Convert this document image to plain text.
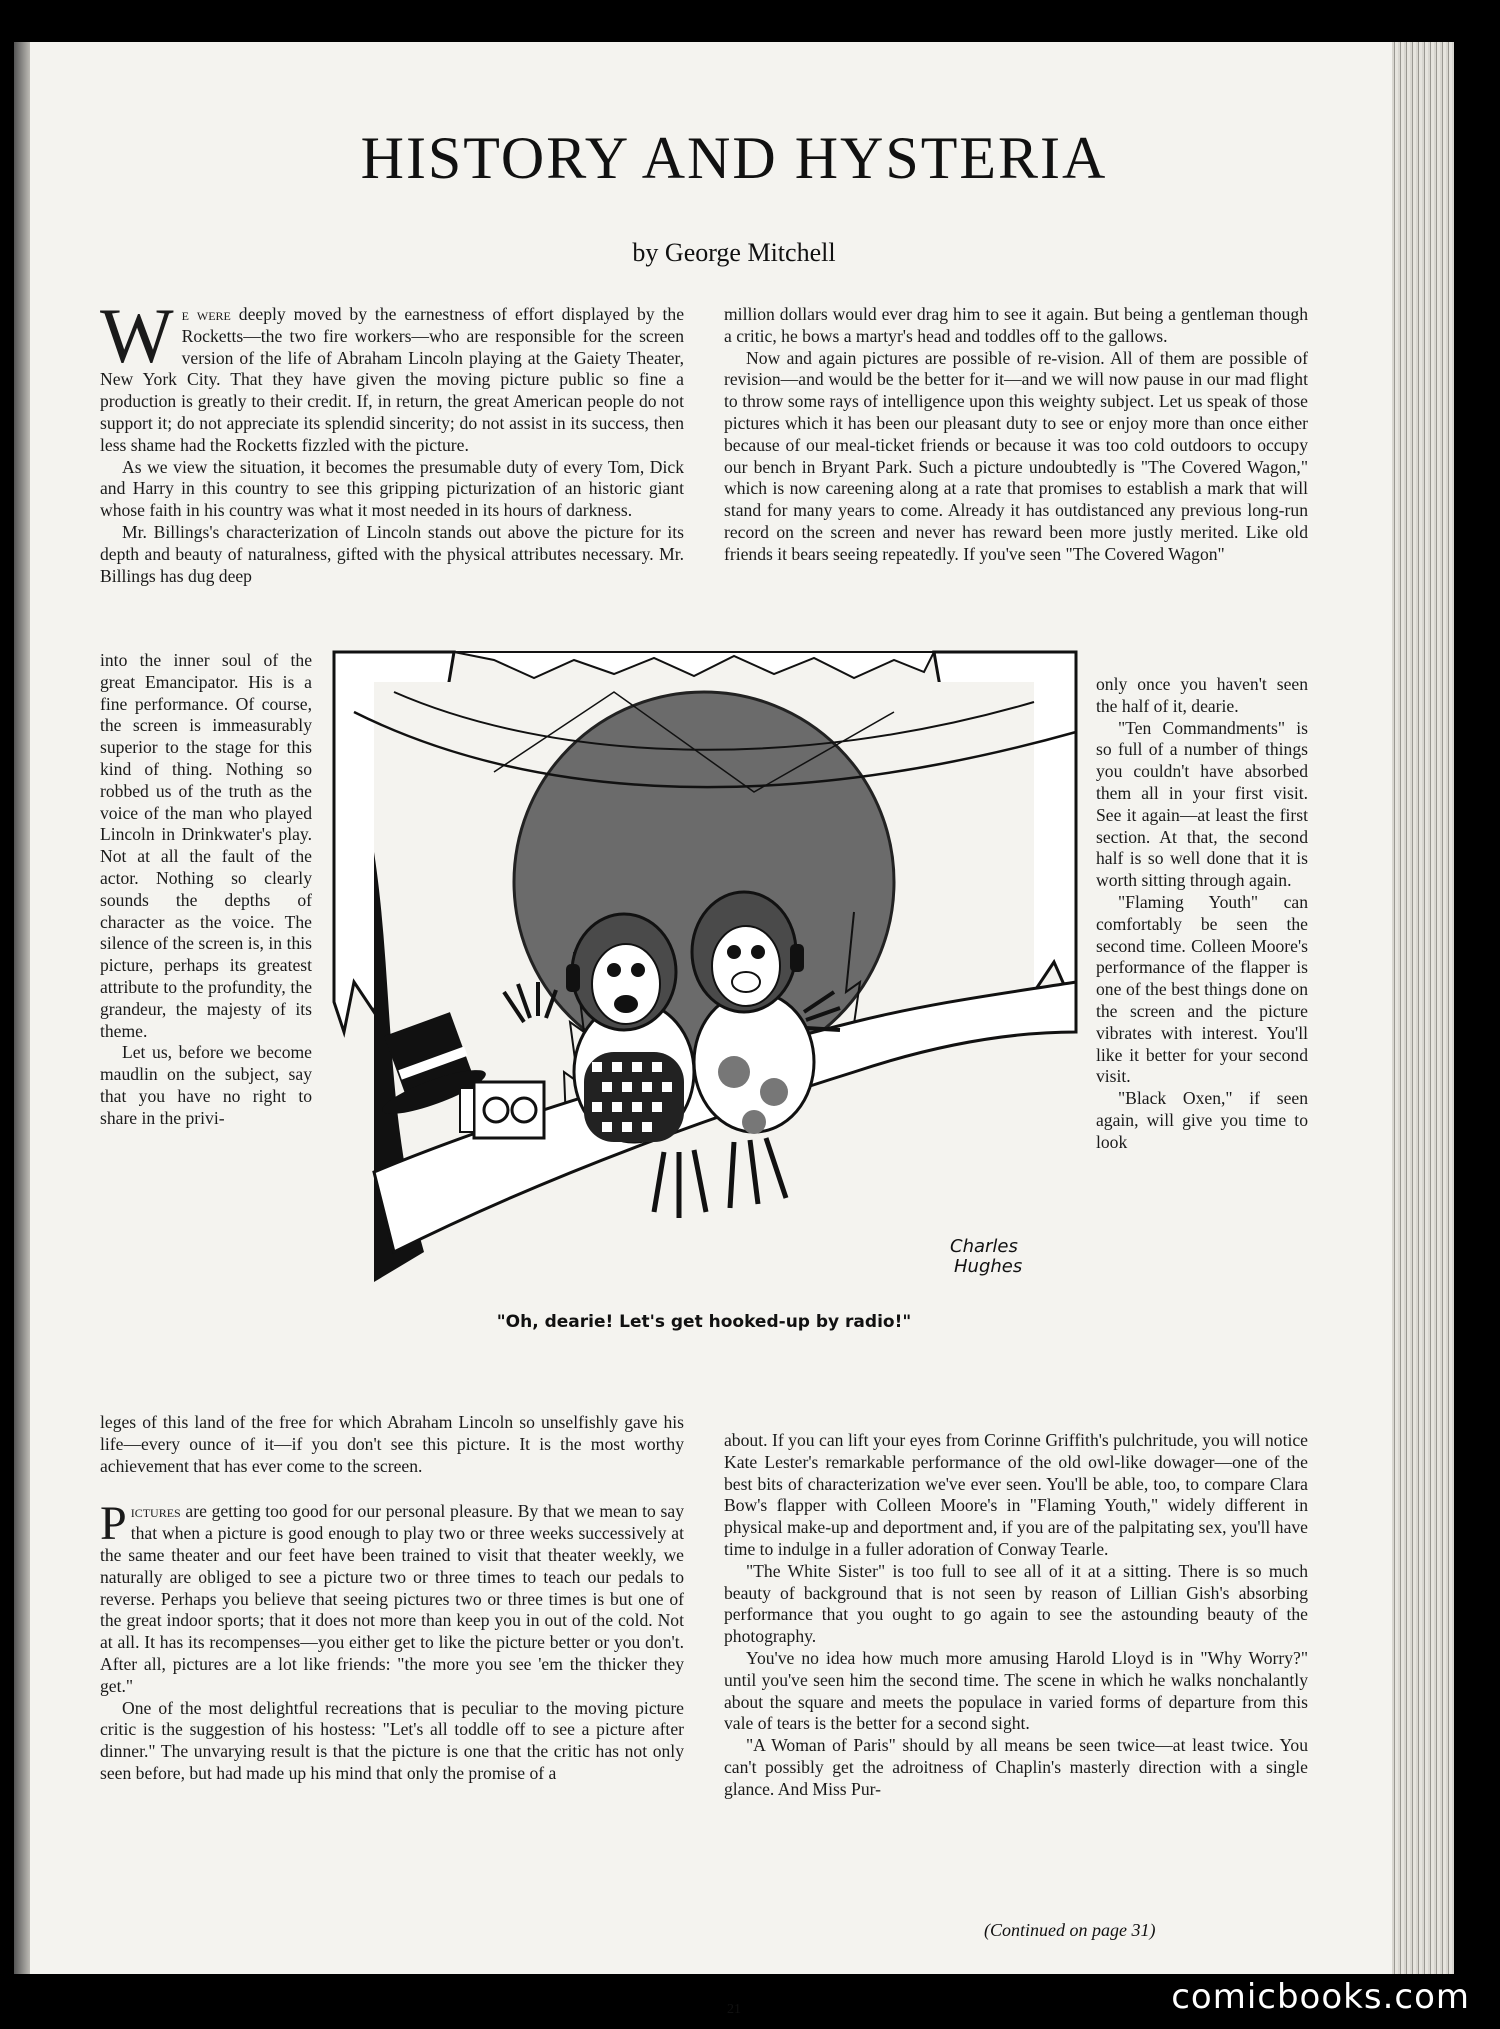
HISTORY AND HYSTERIA

by George Mitchell

We were deeply moved by the earnestness of effort displayed by the Rocketts—the two fire workers—who are responsible for the screen version of the life of Abraham Lincoln playing at the Gaiety Theater, New York City. That they have given the moving picture public so fine a production is greatly to their credit. If, in return, the great American people do not support it; do not appreciate its splendid sincerity; do not assist in its success, then less shame had the Rocketts fizzled with the picture.

As we view the situation, it becomes the presumable duty of every Tom, Dick and Harry in this country to see this gripping picturization of an historic giant whose faith in his country was what it most needed in its hours of darkness.

Mr. Billings's characterization of Lincoln stands out above the picture for its depth and beauty of naturalness, gifted with the physical attributes necessary. Mr. Billings has dug deep

into the inner soul of the great Emancipator. His is a fine performance. Of course, the screen is immeasurably superior to the stage for this kind of thing. Nothing so robbed us of the truth as the voice of the man who played Lincoln in Drinkwater's play. Not at all the fault of the actor. Nothing so clearly sounds the depths of character as the voice. The silence of the screen is, in this picture, perhaps its greatest attribute to the profundity, the grandeur, the majesty of its theme.

Let us, before we become maudlin on the subject, say that you have no right to share in the privi-

leges of this land of the free for which Abraham Lincoln so unselfishly gave his life—every ounce of it—if you don't see this picture. It is the most worthy achievement that has ever come to the screen.

Pictures are getting too good for our personal pleasure. By that we mean to say that when a picture is good enough to play two or three weeks successively at the same theater and our feet have been trained to visit that theater weekly, we naturally are obliged to see a picture two or three times to teach our pedals to reverse. Perhaps you believe that seeing pictures two or three times is but one of the great indoor sports; that it does not more than keep you in out of the cold. Not at all. It has its recompenses—you either get to like the picture better or you don't. After all, pictures are a lot like friends: "the more you see 'em the thicker they get."

One of the most delightful recreations that is peculiar to the moving picture critic is the suggestion of his hostess: "Let's all toddle off to see a picture after dinner." The unvarying result is that the picture is one that the critic has not only seen before, but had made up his mind that only the promise of a

million dollars would ever drag him to see it again. But being a gentleman though a critic, he bows a martyr's head and toddles off to the gallows.

Now and again pictures are possible of re-vision. All of them are possible of revision—and would be the better for it—and we will now pause in our mad flight to throw some rays of intelligence upon this weighty subject. Let us speak of those pictures which it has been our pleasant duty to see or enjoy more than once either because of our meal-ticket friends or because it was too cold outdoors to occupy our bench in Bryant Park. Such a picture undoubtedly is "The Covered Wagon," which is now careening along at a rate that promises to establish a mark that will stand for many years to come. Already it has outdistanced any previous long-run record on the screen and never has reward been more justly merited. Like old friends it bears seeing repeatedly. If you've seen "The Covered Wagon"

only once you haven't seen the half of it, dearie.

"Ten Commandments" is so full of a number of things you couldn't have absorbed them all in your first visit. See it again—at least the first section. At that, the second half is so well done that it is worth sitting through again.

"Flaming Youth" can comfortably be seen the second time. Colleen Moore's performance of the flapper is one of the best things done on the screen and the picture vibrates with interest. You'll like it better for your second visit.

"Black Oxen," if seen again, will give you time to look

about. If you can lift your eyes from Corinne Griffith's pulchritude, you will notice Kate Lester's remarkable performance of the old owl-like dowager—one of the best bits of characterization we've ever seen. You'll be able, too, to compare Clara Bow's flapper with Colleen Moore's in "Flaming Youth," widely different in physical make-up and deportment and, if you are of the palpitating sex, you'll have time to indulge in a fuller adoration of Conway Tearle.

"The White Sister" is too full to see all of it at a sitting. There is so much beauty of background that is not seen by reason of Lillian Gish's absorbing performance that you ought to go again to see the astounding beauty of the photography.

You've no idea how much more amusing Harold Lloyd is in "Why Worry?" until you've seen him the second time. The scene in which he walks nonchalantly about the square and meets the populace in varied forms of departure from this vale of tears is the better for a second sight.

"A Woman of Paris" should by all means be seen twice—at least twice. You can't possibly get the adroitness of Chaplin's masterly direction with a single glance. And Miss Pur-

Charles
Hughes

"Oh, dearie! Let's get hooked-up by radio!"

(Continued on page 31)

21	comicbooks.com
